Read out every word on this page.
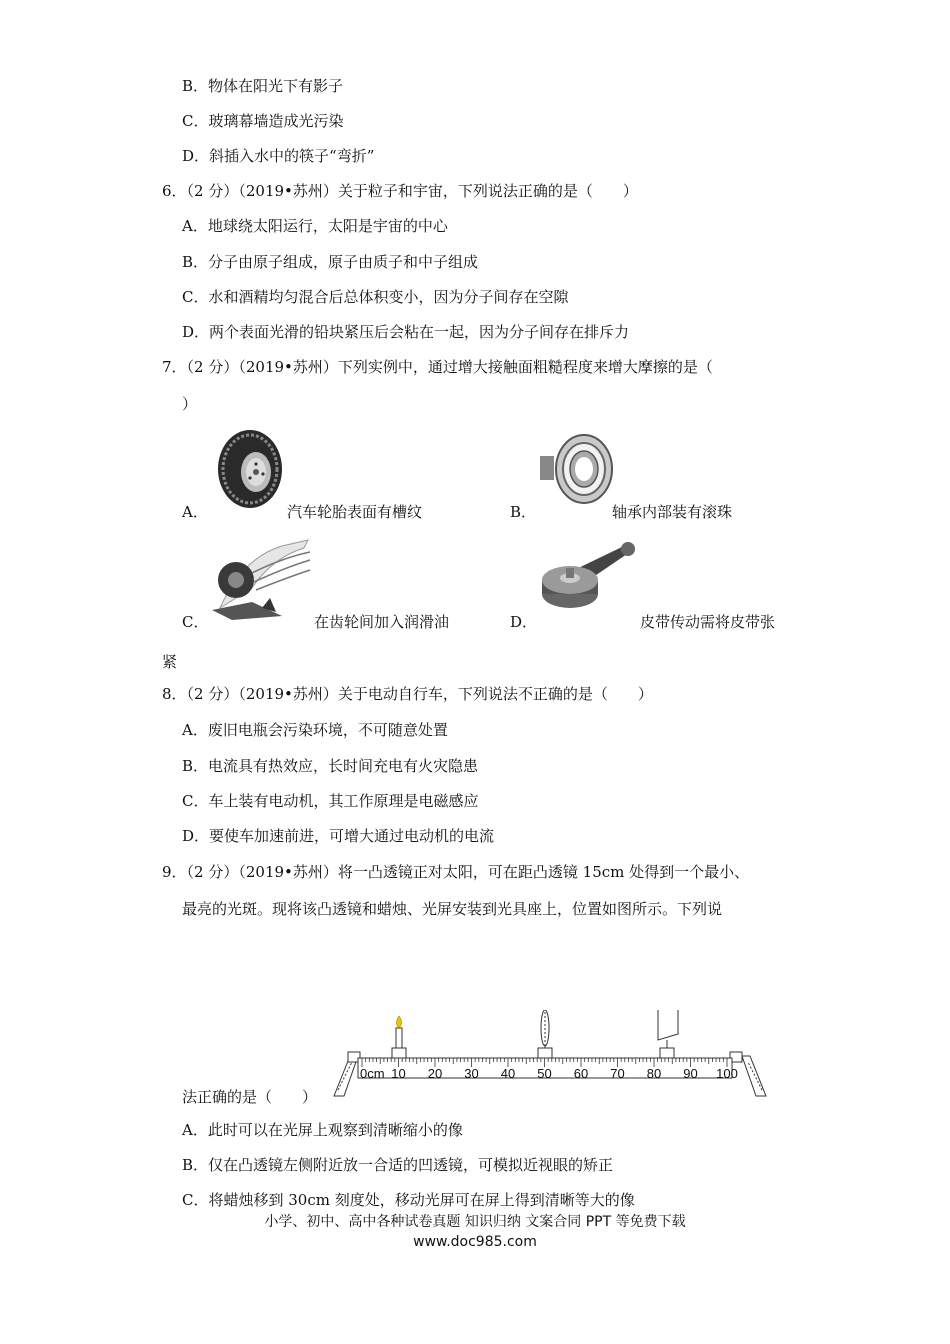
B．物体在阳光下有影子
C．玻璃幕墙造成光污染
D．斜插入水中的筷子“弯折”
6．（2 分）（2019•苏州）关于粒子和宇宙，下列说法正确的是（　　）
A．地球绕太阳运行，太阳是宇宙的中心
B．分子由原子组成，原子由质子和中子组成
C．水和酒精均匀混合后总体积变小，因为分子间存在空隙
D．两个表面光滑的铅块紧压后会粘在一起，因为分子间存在排斥力
7．（2 分）（2019•苏州）下列实例中，通过增大接触面粗糙程度来增大摩擦的是（
）
A．	汽车轮胎表面有槽纹	B．	轴承内部装有滚珠
C．	在齿轮间加入润滑油	D．	皮带传动需将皮带张
紧
8．（2 分）（2019•苏州）关于电动自行车，下列说法不正确的是（　　）
A．废旧电瓶会污染环境，不可随意处置
B．电流具有热效应，长时间充电有火灾隐患
C．车上装有电动机，其工作原理是电磁感应
D．要使车加速前进，可增大通过电动机的电流
9．（2 分）（2019•苏州）将一凸透镜正对太阳，可在距凸透镜 15cm 处得到一个最小、
最亮的光斑。现将该凸透镜和蜡烛、光屏安装到光具座上，位置如图所示。下列说
法正确的是（　　）
0cm 10 20 30 40 50 60 70 80 90 100
A．此时可以在光屏上观察到清晰缩小的像
B．仅在凸透镜左侧附近放一合适的凹透镜，可模拟近视眼的矫正
C．将蜡烛移到 30cm 刻度处，移动光屏可在屏上得到清晰等大的像
小学、初中、高中各种试卷真题 知识归纳 文案合同 PPT 等免费下载
www.doc985.com
